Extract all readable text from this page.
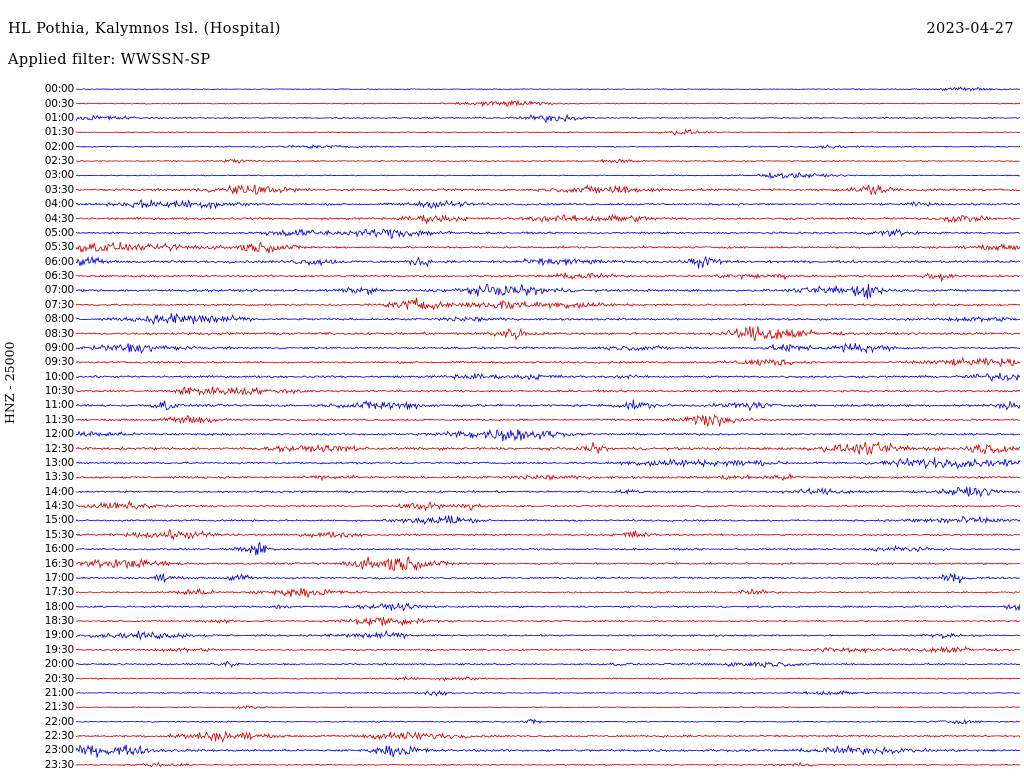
HL Pothia, Kalymnos Isl. (Hospital)	2023-04-27
Applied filter: WWSSN-SP
HNZ - 25000
00:00
00:30
01:00
01:30
02:00
02:30
03:00
03:30
04:00
04:30
05:00
05:30
06:00
06:30
07:00
07:30
08:00
08:30
09:00
09:30
10:00
10:30
11:00
11:30
12:00
12:30
13:00
13:30
14:00
14:30
15:00
15:30
16:00
16:30
17:00
17:30
18:00
18:30
19:00
19:30
20:00
20:30
21:00
21:30
22:00
22:30
23:00
23:30
